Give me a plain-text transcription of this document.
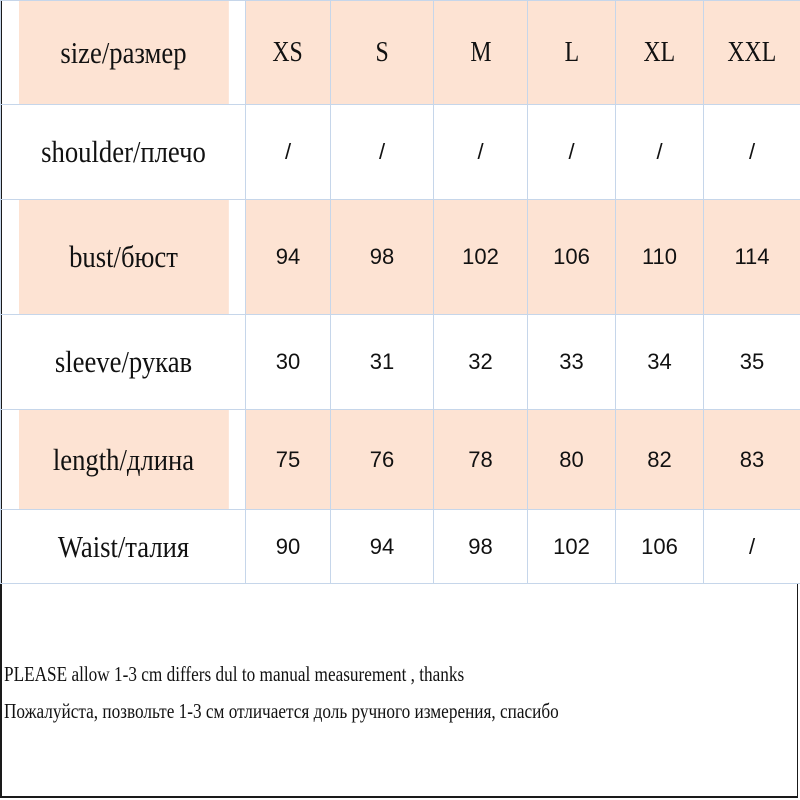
size/размер	XS	S	M	L	XL	XXL
shoulder/плечо	/	/	/	/	/	/
bust/бюст	94	98	102	106	110	114
sleeve/рукав	30	31	32	33	34	35
length/длина	75	76	78	80	82	83
Waist/талия	90	94	98	102	106	/
PLEASE allow 1-3 cm differs dul to manual measurement , thanks
Пожалуйста, позвольте 1-3 см отличается доль ручного измерения, спасибо
